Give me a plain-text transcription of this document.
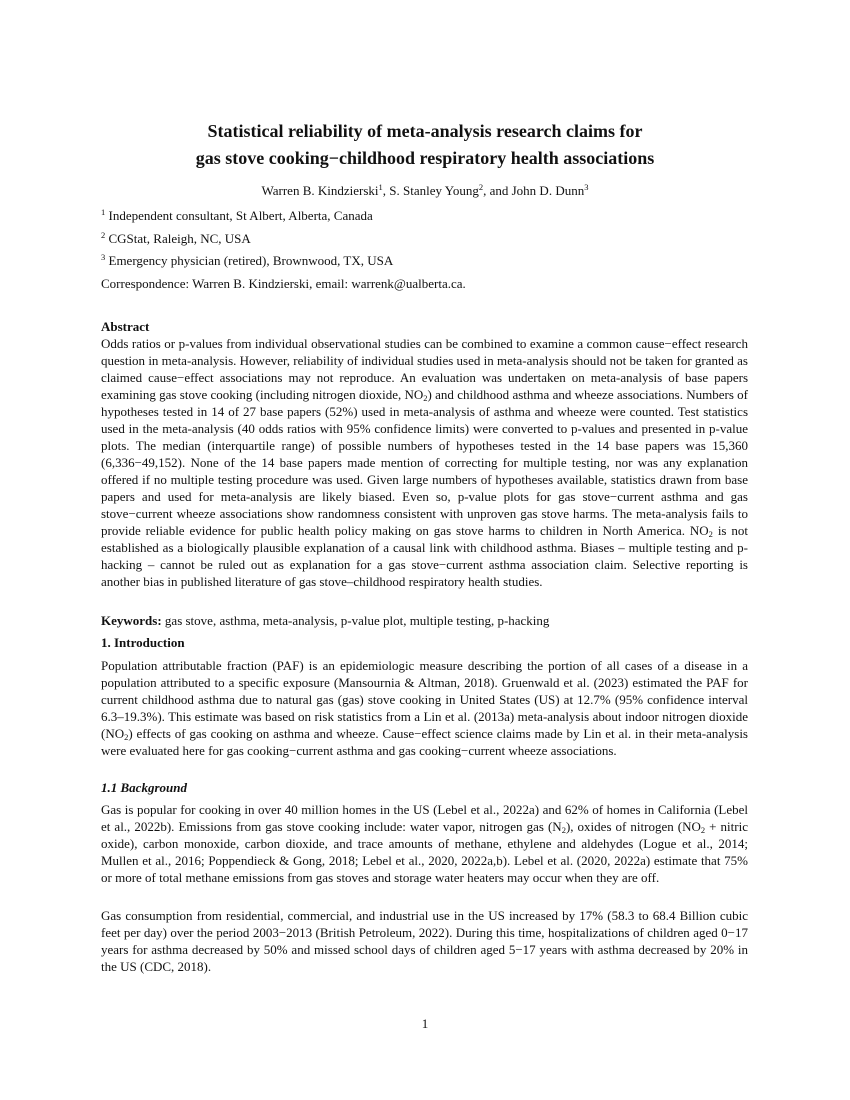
Statistical reliability of meta-analysis research claims for
gas stove cooking−childhood respiratory health associations
Warren B. Kindzierski$^1$, S. Stanley Young$^2$, and John D. Dunn$^3$
$^1$ Independent consultant, St Albert, Alberta, Canada
$^2$ CGStat, Raleigh, NC, USA
$^3$ Emergency physician (retired), Brownwood, TX, USA
Correspondence: Warren B. Kindzierski, email: warrenk@ualberta.ca.
Abstract
Odds ratios or p-values from individual observational studies can be combined to examine a common cause−effect research question in meta-analysis. However, reliability of individual studies used in meta-analysis should not be taken for granted as claimed cause−effect associations may not reproduce. An evaluation was undertaken on meta-analysis of base papers examining gas stove cooking (including nitrogen dioxide, $NO_2$) and childhood asthma and wheeze associations. Numbers of hypotheses tested in 14 of 27 base papers (52%) used in meta-analysis of asthma and wheeze were counted. Test statistics used in the meta-analysis (40 odds ratios with 95% confidence limits) were converted to p-values and presented in p-value plots. The median (interquartile range) of possible numbers of hypotheses tested in the 14 base papers was 15,360 (6,336−49,152). None of the 14 base papers made mention of correcting for multiple testing, nor was any explanation offered if no multiple testing procedure was used. Given large numbers of hypotheses available, statistics drawn from base papers and used for meta-analysis are likely biased. Even so, p-value plots for gas stove−current asthma and gas stove−current wheeze associations show randomness consistent with unproven gas stove harms. The meta-analysis fails to provide reliable evidence for public health policy making on gas stove harms to children in North America. $NO_2$ is not established as a biologically plausible explanation of a causal link with childhood asthma. Biases – multiple testing and p-hacking – cannot be ruled out as explanation for a gas stove−current asthma association claim. Selective reporting is another bias in published literature of gas stove–childhood respiratory health studies.
Keywords: gas stove, asthma, meta-analysis, p-value plot, multiple testing, p-hacking
1. Introduction
Population attributable fraction (PAF) is an epidemiologic measure describing the portion of all cases of a disease in a population attributed to a specific exposure (Mansournia & Altman, 2018). Gruenwald et al. (2023) estimated the PAF for current childhood asthma due to natural gas (gas) stove cooking in United States (US) at 12.7% (95% confidence interval 6.3–19.3%). This estimate was based on risk statistics from a Lin et al. (2013a) meta-analysis about indoor nitrogen dioxide $(NO_2)$ effects of gas cooking on asthma and wheeze. Cause−effect science claims made by Lin et al. in their meta-analysis were evaluated here for gas cooking−current asthma and gas cooking−current wheeze associations.
1.1 Background
Gas is popular for cooking in over 40 million homes in the US (Lebel et al., 2022a) and 62% of homes in California (Lebel et al., 2022b). Emissions from gas stove cooking include: water vapor, nitrogen gas $(N_2)$, oxides of nitrogen ($NO_2$ + nitric oxide), carbon monoxide, carbon dioxide, and trace amounts of methane, ethylene and aldehydes (Logue et al., 2014; Mullen et al., 2016; Poppendieck & Gong, 2018; Lebel et al., 2020, 2022a,b). Lebel et al. (2020, 2022a) estimate that 75% or more of total methane emissions from gas stoves and storage water heaters may occur when they are off.
Gas consumption from residential, commercial, and industrial use in the US increased by 17% (58.3 to 68.4 Billion cubic feet per day) over the period 2003−2013 (British Petroleum, 2022). During this time, hospitalizations of children aged 0−17 years for asthma decreased by 50% and missed school days of children aged 5−17 years with asthma decreased by 20% in the US (CDC, 2018).
1
